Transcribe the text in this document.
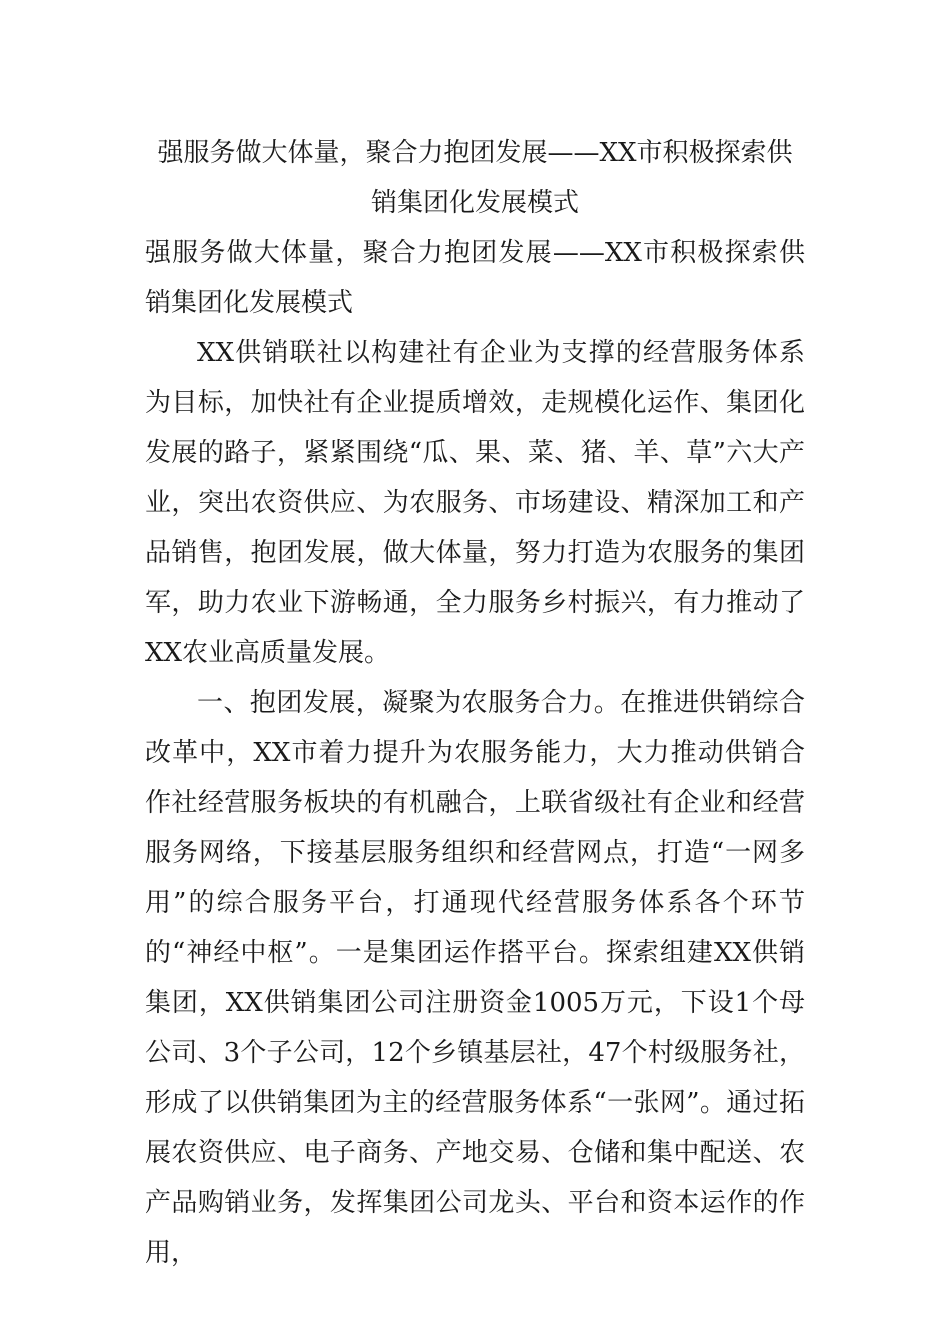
强服务做大体量，聚合力抱团发展——XX市积极探索供销集团化发展模式

强服务做大体量，聚合力抱团发展——XX市积极探索供销集团化发展模式

XX供销联社以构建社有企业为支撑的经营服务体系为目标，加快社有企业提质增效，走规模化运作、集团化发展的路子，紧紧围绕“瓜、果、菜、猪、羊、草”六大产业，突出农资供应、为农服务、市场建设、精深加工和产品销售，抱团发展，做大体量，努力打造为农服务的集团军，助力农业下游畅通，全力服务乡村振兴，有力推动了XX农业高质量发展。

一、抱团发展，凝聚为农服务合力。在推进供销综合改革中，XX市着力提升为农服务能力，大力推动供销合作社经营服务板块的有机融合，上联省级社有企业和经营服务网络，下接基层服务组织和经营网点，打造“一网多用”的综合服务平台，打通现代经营服务体系各个环节的“神经中枢”。一是集团运作搭平台。探索组建XX供销集团，XX供销集团公司注册资金1005万元，下设1个母公司、3个子公司，12个乡镇基层社，47个村级服务社，形成了以供销集团为主的经营服务体系“一张网”。通过拓展农资供应、电子商务、产地交易、仓储和集中配送、农产品购销业务，发挥集团公司龙头、平台和资本运作的作用，
